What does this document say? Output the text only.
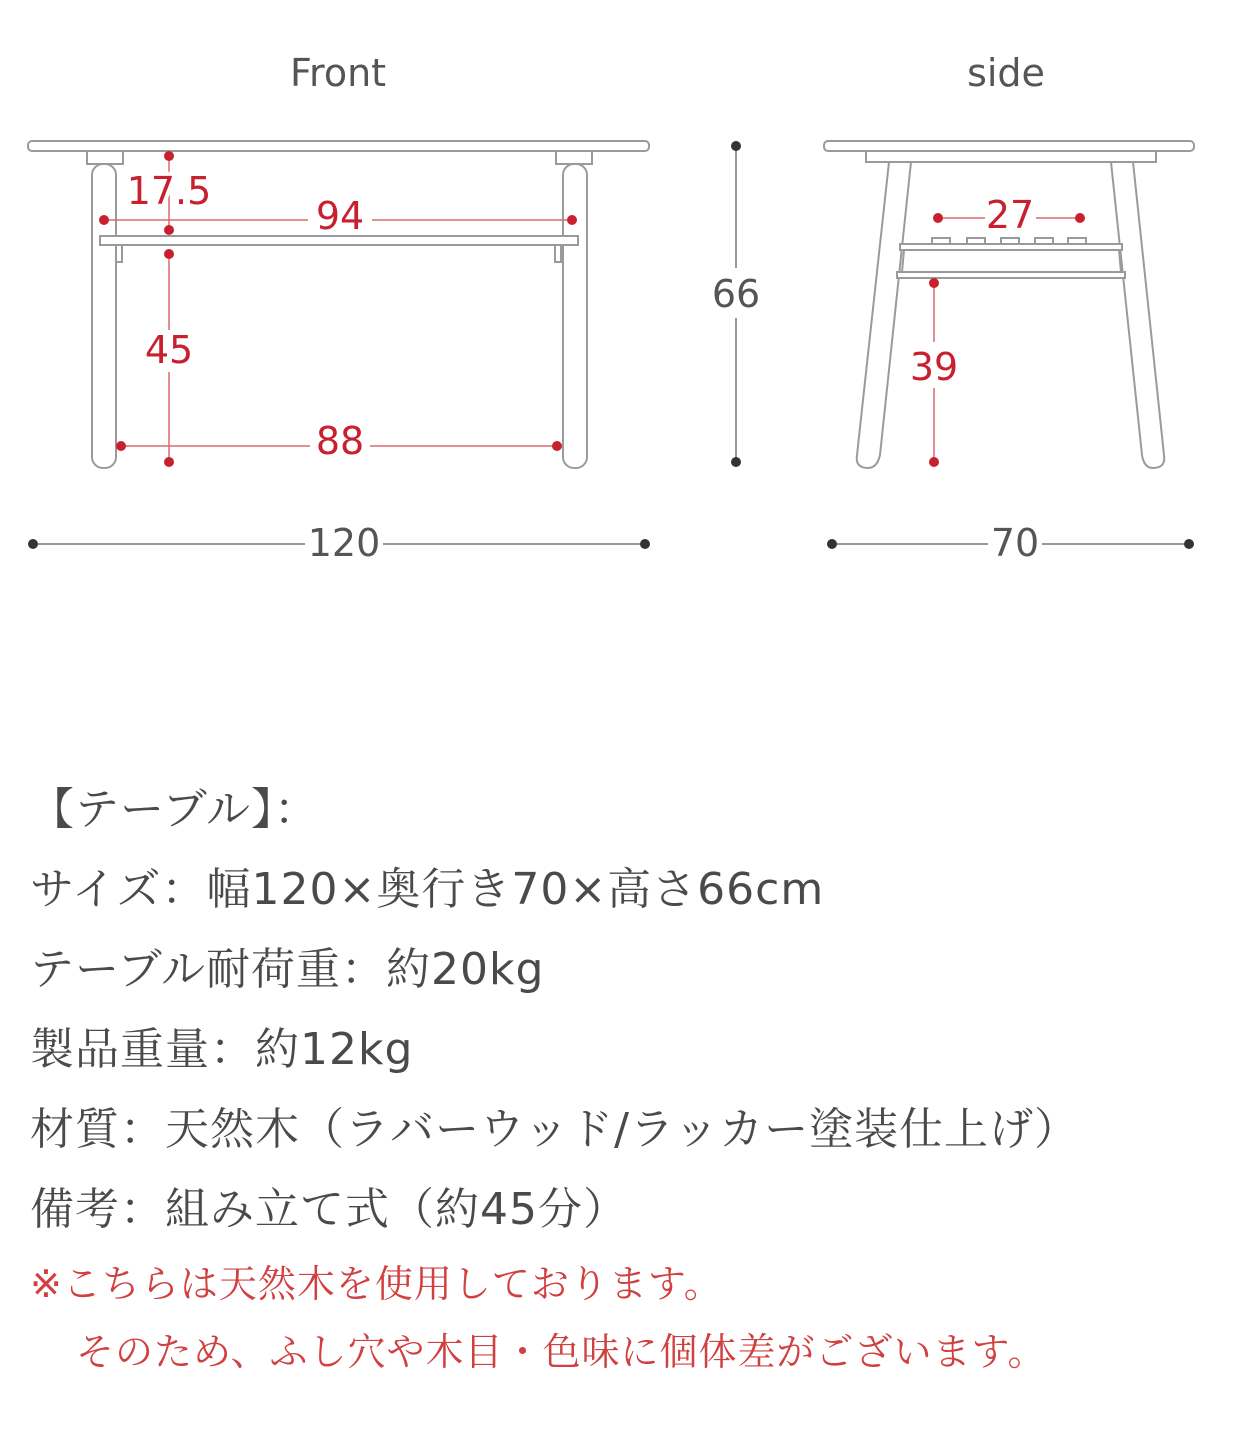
Front
17.5
94
45
88
120
66
side
27
39
70
【テーブル】：
サイズ：幅120×奥行き70×高さ66cm
テーブル耐荷重：約20kg
製品重量：約12kg
材質：天然木（ラバーウッド/ラッカー塗装仕上げ）
備考：組み立て式（約45分）
※こちらは天然木を使用しております。
そのため、ふし穴や木目・色味に個体差がございます。
